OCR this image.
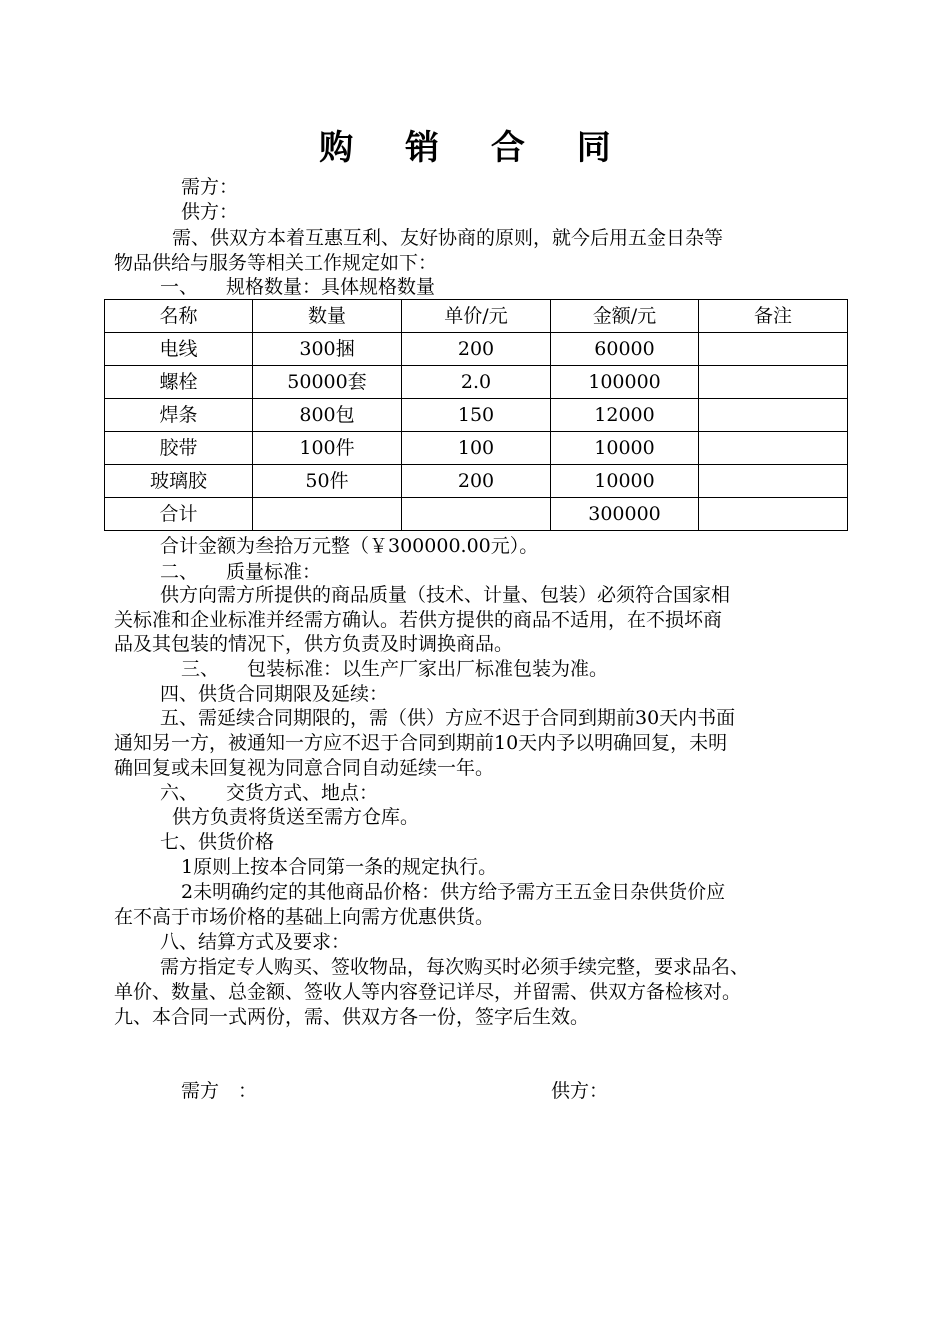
购 销 合 同
需方：
供方：
需、供双方本着互惠互利、友好协商的原则，就今后用五金日杂等
物品供给与服务等相关工作规定如下：
一、 规格数量：具体规格数量
名称	数量	单价/元	金额/元	备注
电线	300捆	200	60000	
螺栓	50000套	2.0	100000	
焊条	800包	150	12000	
胶带	100件	100	10000	
玻璃胶	50件	200	10000	
合计			300000	
合计金额为叁拾万元整（￥300000.00元）。
二、 质量标准：
供方向需方所提供的商品质量（技术、计量、包装）必须符合国家相
关标准和企业标准并经需方确认。若供方提供的商品不适用，在不损坏商
品及其包装的情况下，供方负责及时调换商品。
三、 包装标准：以生产厂家出厂标准包装为准。
四、供货合同期限及延续：
五、需延续合同期限的，需（供）方应不迟于合同到期前30天内书面
通知另一方，被通知一方应不迟于合同到期前10天内予以明确回复，未明
确回复或未回复视为同意合同自动延续一年。
六、 交货方式、地点：
供方负责将货送至需方仓库。
七、供货价格
1原则上按本合同第一条的规定执行。
2未明确约定的其他商品价格：供方给予需方王五金日杂供货价应
在不高于市场价格的基础上向需方优惠供货。
八、结算方式及要求：
需方指定专人购买、签收物品，每次购买时必须手续完整，要求品名、
单价、数量、总金额、签收人等内容登记详尽，并留需、供双方备检核对。
九、本合同一式两份，需、供双方各一份，签字后生效。
需方　：	供方：
